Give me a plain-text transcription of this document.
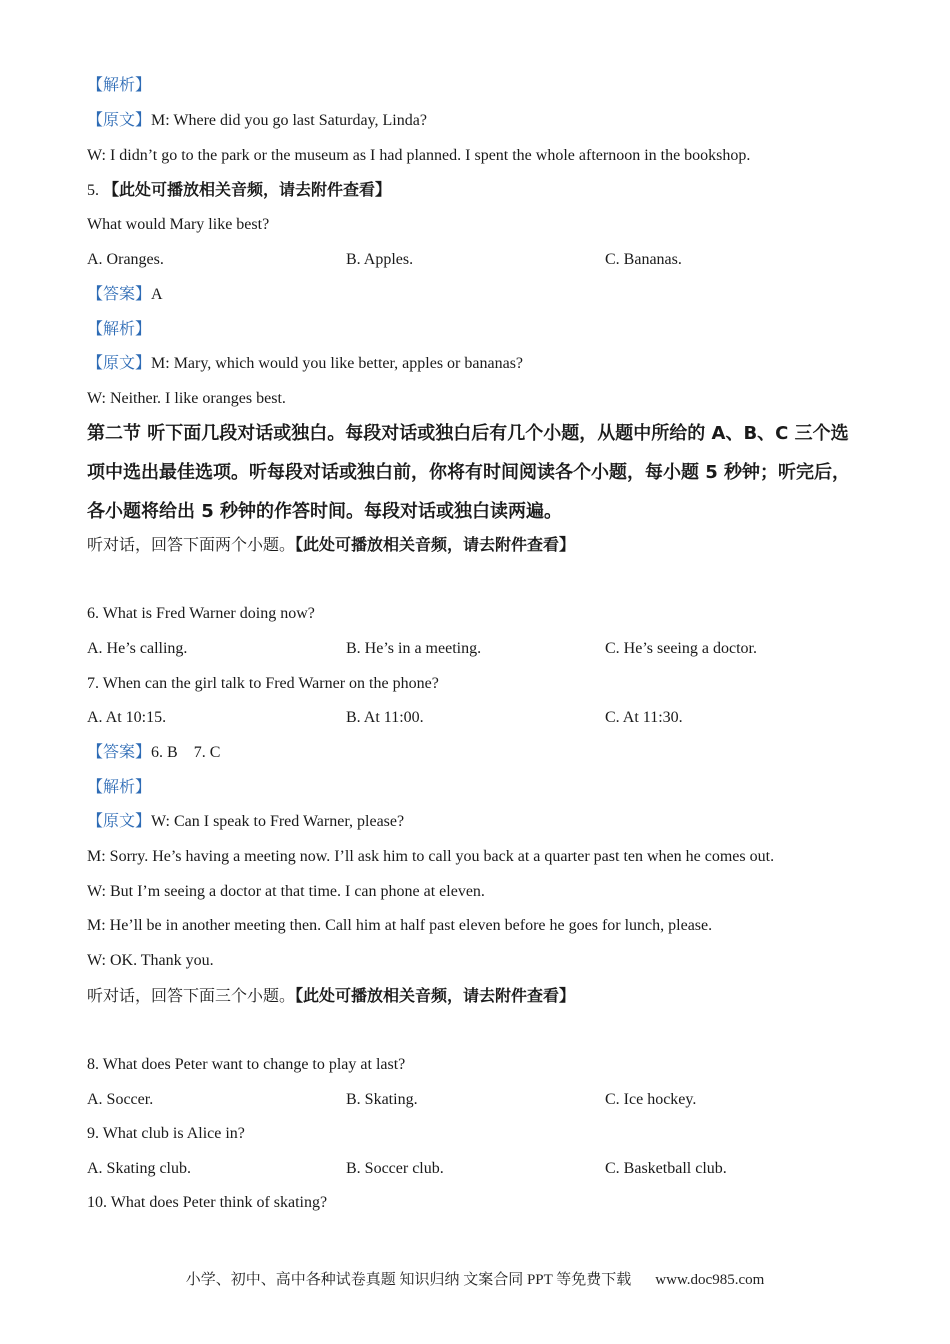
【解析】
【原文】M: Where did you go last Saturday, Linda?
W: I didn’t go to the park or the museum as I had planned. I spent the whole afternoon in the bookshop.
5. 【此处可播放相关音频，请去附件查看】
What would Mary like best?
A. Oranges.	B. Apples.	C. Bananas.
【答案】A
【解析】
【原文】M: Mary, which would you like better, apples or bananas?
W: Neither. I like oranges best.
第二节 听下面几段对话或独白。每段对话或独白后有几个小题，从题中所给的 A、B、C 三个选项中选出最佳选项。听每段对话或独白前，你将有时间阅读各个小题，每小题 5 秒钟；听完后，各小题将给出 5 秒钟的作答时间。每段对话或独白读两遍。
听对话，回答下面两个小题。【此处可播放相关音频，请去附件查看】
6. What is Fred Warner doing now?
A. He’s calling.	B. He’s in a meeting.	C. He’s seeing a doctor.
7. When can the girl talk to Fred Warner on the phone?
A. At 10:15.	B. At 11:00.	C. At 11:30.
【答案】6. B    7. C
【解析】
【原文】W: Can I speak to Fred Warner, please?
M: Sorry. He’s having a meeting now. I’ll ask him to call you back at a quarter past ten when he comes out.
W: But I’m seeing a doctor at that time. I can phone at eleven.
M: He’ll be in another meeting then. Call him at half past eleven before he goes for lunch, please.
W: OK. Thank you.
听对话，回答下面三个小题。【此处可播放相关音频，请去附件查看】
8. What does Peter want to change to play at last?
A. Soccer.	B. Skating.	C. Ice hockey.
9. What club is Alice in?
A. Skating club.	B. Soccer club.	C. Basketball club.
10. What does Peter think of skating?
小学、初中、高中各种试卷真题 知识归纳 文案合同 PPT 等免费下载 www.doc985.com
